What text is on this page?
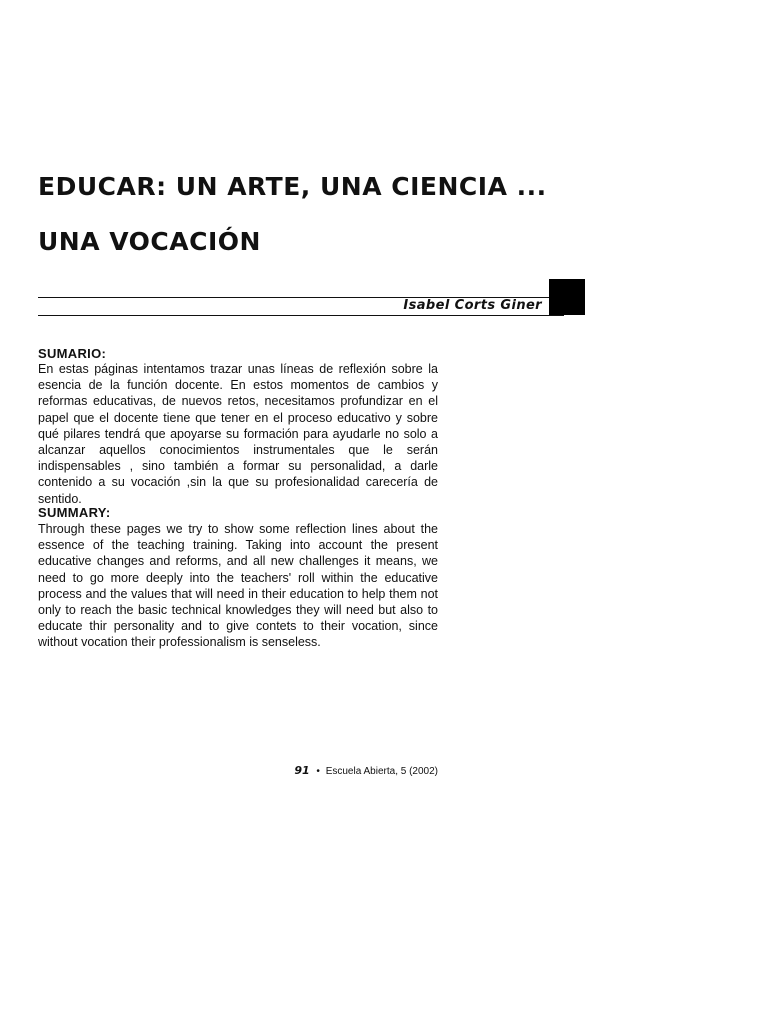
EDUCAR: UN ARTE, UNA CIENCIA ...
UNA VOCACIÓN
Isabel Corts Giner
SUMARIO:

En estas páginas intentamos trazar unas líneas de reflexión sobre la esencia de la función docente. En estos momentos de cambios y reformas educativas, de nuevos retos, necesitamos profundizar en el papel que el docente tiene que tener en el proceso educativo y sobre qué pilares tendrá que apoyarse su formación para ayudarle no solo a alcanzar aquellos conocimientos instrumentales que le serán indispensables , sino también a formar su personalidad, a darle contenido a su vocación ,sin la que su profesionalidad carecería de sentido.

SUMMARY:

Through these pages we try to show some reflection lines about the essence of the teaching training. Taking into account the present educative changes and reforms, and all new challenges it means, we need to go more deeply into the teachers' roll within the educative process and the values that will need in their education to help them not only to reach the basic technical knowledges they will need but also to educate thir personality and to give contets to their vocation, since without vocation their professionalism is senseless.

91 • Escuela Abierta, 5 (2002)
